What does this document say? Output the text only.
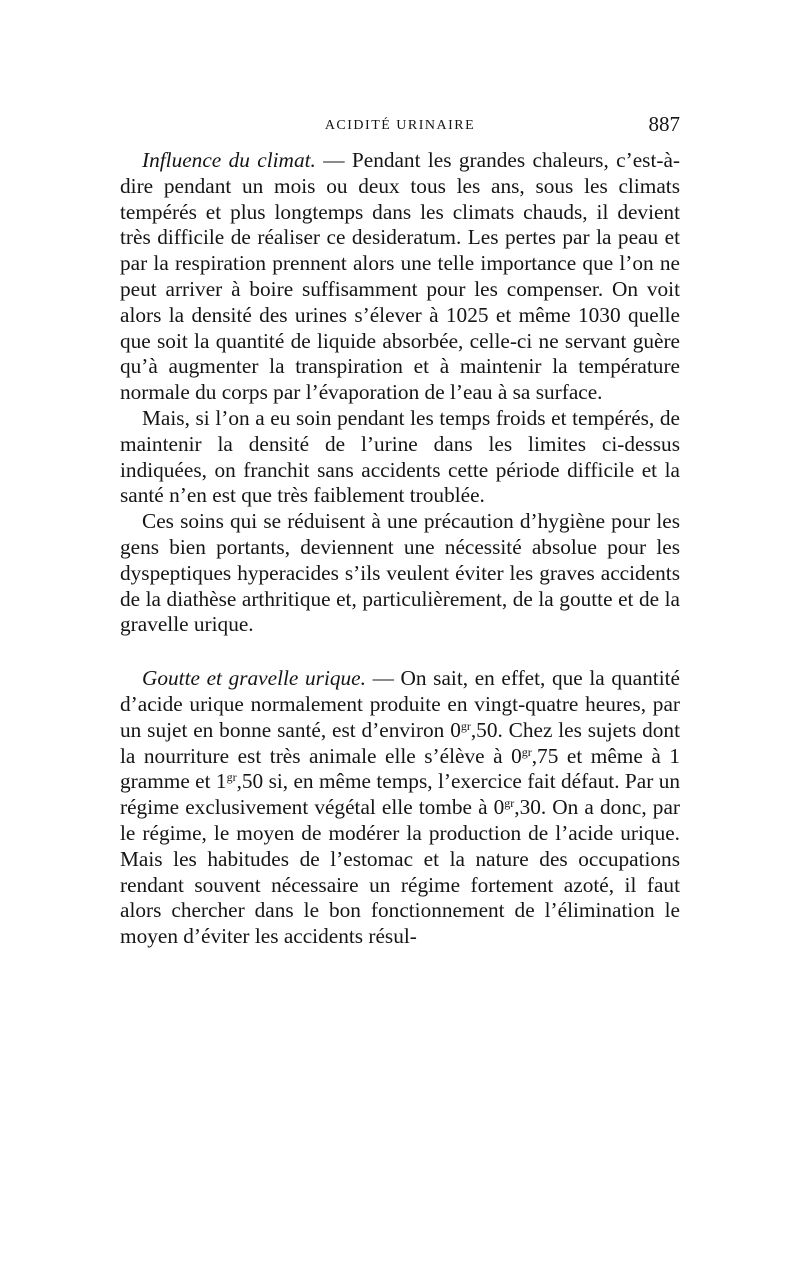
ACIDITÉ URINAIRE	887

Influence du climat. — Pendant les grandes chaleurs, c’est-à-dire pendant un mois ou deux tous les ans, sous les climats tempérés et plus longtemps dans les climats chauds, il devient très difficile de réaliser ce desideratum. Les pertes par la peau et par la respiration prennent alors une telle importance que l’on ne peut arriver à boire suffisamment pour les compenser. On voit alors la densité des urines s’élever à 1025 et même 1030 quelle que soit la quantité de liquide absorbée, celle-ci ne servant guère qu’à augmenter la transpiration et à maintenir la température normale du corps par l’évaporation de l’eau à sa surface.

Mais, si l’on a eu soin pendant les temps froids et tempérés, de maintenir la densité de l’urine dans les limites ci-dessus indiquées, on franchit sans accidents cette période difficile et la santé n’en est que très faiblement troublée.

Ces soins qui se réduisent à une précaution d’hygiène pour les gens bien portants, deviennent une nécessité absolue pour les dyspeptiques hyperacides s’ils veulent éviter les graves accidents de la diathèse arthritique et, particulièrement, de la goutte et de la gravelle urique.

Goutte et gravelle urique. — On sait, en effet, que la quantité d’acide urique normalement produite en vingt-quatre heures, par un sujet en bonne santé, est d’environ $0^{gr},50$. Chez les sujets dont la nourriture est très animale elle s’élève à $0^{gr},75$ et même à 1 gramme et $1^{gr},50$ si, en même temps, l’exercice fait défaut. Par un régime exclusivement végétal elle tombe à $0^{gr},30$. On a donc, par le régime, le moyen de modérer la production de l’acide urique. Mais les habitudes de l’estomac et la nature des occupations rendant souvent nécessaire un régime fortement azoté, il faut alors chercher dans le bon fonctionnement de l’élimination le moyen d’éviter les accidents résul-
